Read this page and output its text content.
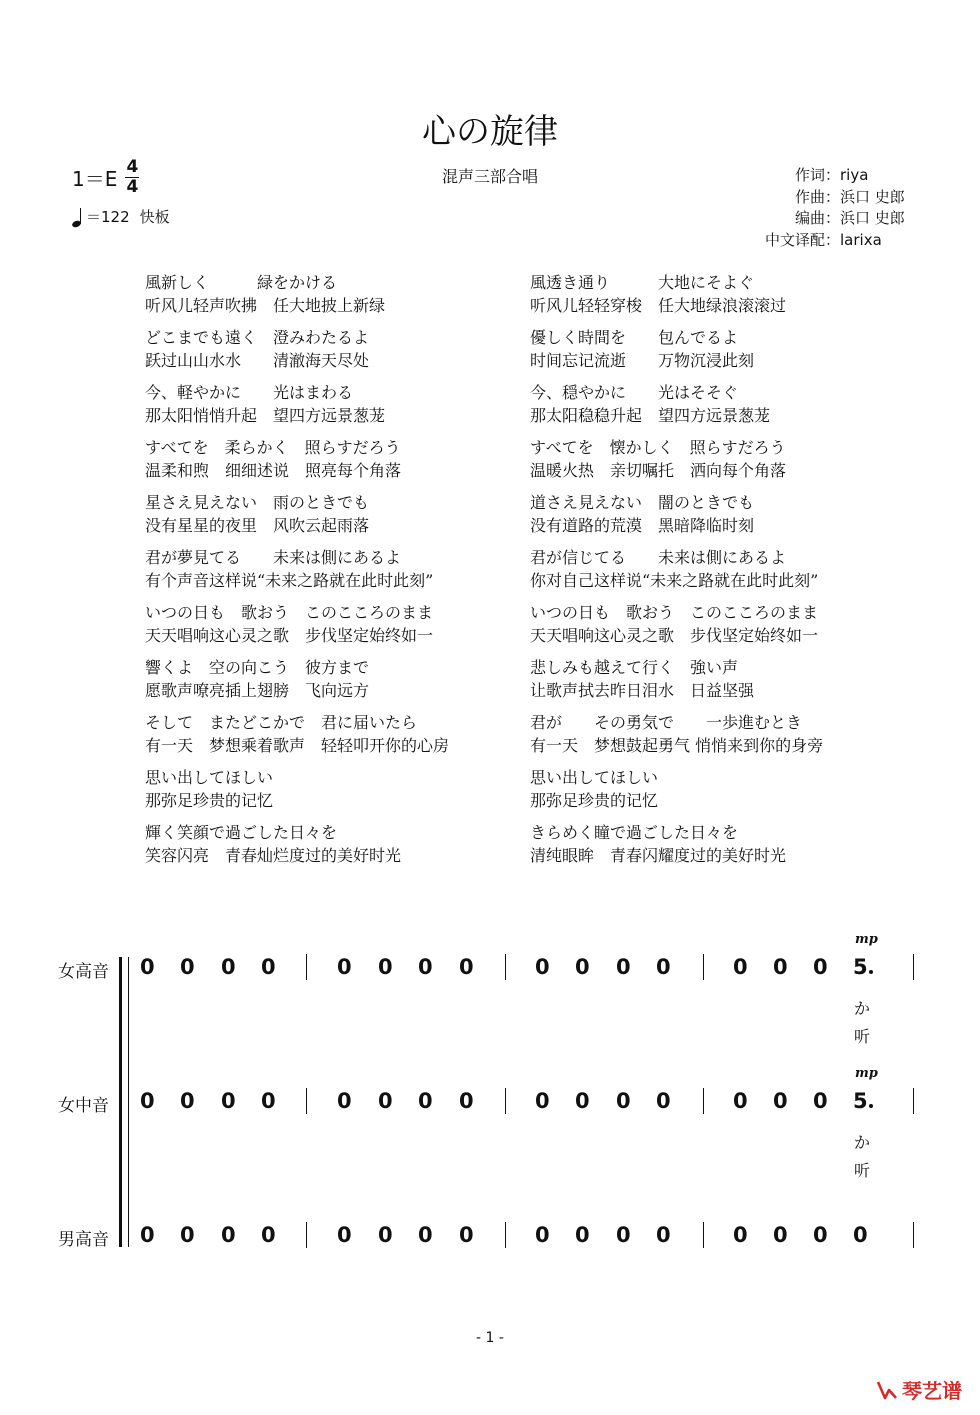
心の旋律
混声三部合唱
$1=E \frac{4}{4}$
＝122 快板
作词： riya
作曲： 浜口 史郎
编曲： 浜口 史郎
中文译配： larixa
風新しく　　　緑をかける
听风儿轻声吹拂　任大地披上新绿
どこまでも遠く　澄みわたるよ
跃过山山水水　　清澈海天尽处
今、軽やかに　　光はまわる
那太阳悄悄升起　望四方远景葱茏
すべてを　柔らかく　照らすだろう
温柔和煦　细细述说　照亮每个角落
星さえ見えない　雨のときでも
没有星星的夜里　风吹云起雨落
君が夢見てる　　未来は側にあるよ
有个声音这样说“未来之路就在此时此刻”
いつの日も　歌おう　このこころのまま
天天唱响这心灵之歌　步伐坚定始终如一
響くよ　空の向こう　彼方まで
愿歌声嘹亮插上翅膀　飞向远方
そして　またどこかで　君に届いたら
有一天　梦想乘着歌声　轻轻叩开你的心房
思い出してほしい
那弥足珍贵的记忆
輝く笑顔で過ごした日々を
笑容闪亮　青春灿烂度过的美好时光
風透き通り　　　大地にそよぐ
听风儿轻轻穿梭　任大地绿浪滚滚过
優しく時間を　　包んでるよ
时间忘记流逝　　万物沉浸此刻
今、穏やかに　　光はそそぐ
那太阳稳稳升起　望四方远景葱茏
すべてを　懐かしく　照らすだろう
温暖火热　亲切嘱托　洒向每个角落
道さえ見えない　闇のときでも
没有道路的荒漠　黑暗降临时刻
君が信じてる　　未来は側にあるよ
你对自己这样说“未来之路就在此时此刻”
いつの日も　歌おう　このこころのまま
天天唱响这心灵之歌　步伐坚定始终如一
悲しみも越えて行く　強い声
让歌声拭去昨日泪水　日益坚强
君が　　その勇気で　　一歩進むとき
有一天　梦想鼓起勇气 悄悄来到你的身旁
思い出してほしい
那弥足珍贵的记忆
きらめく瞳で過ごした日々を
清纯眼眸　青春闪耀度过的美好时光
女高音 0 0 0 0	0 0 0 0	0 0 0 0	0 0 0 5
mp
か
听
女中音 0 0 0 0	0 0 0 0	0 0 0 0	0 0 0 5
mp
か
听
男高音 0 0 0 0	0 0 0 0	0 0 0 0	0 0 0 0
- 1 -
琴艺谱
